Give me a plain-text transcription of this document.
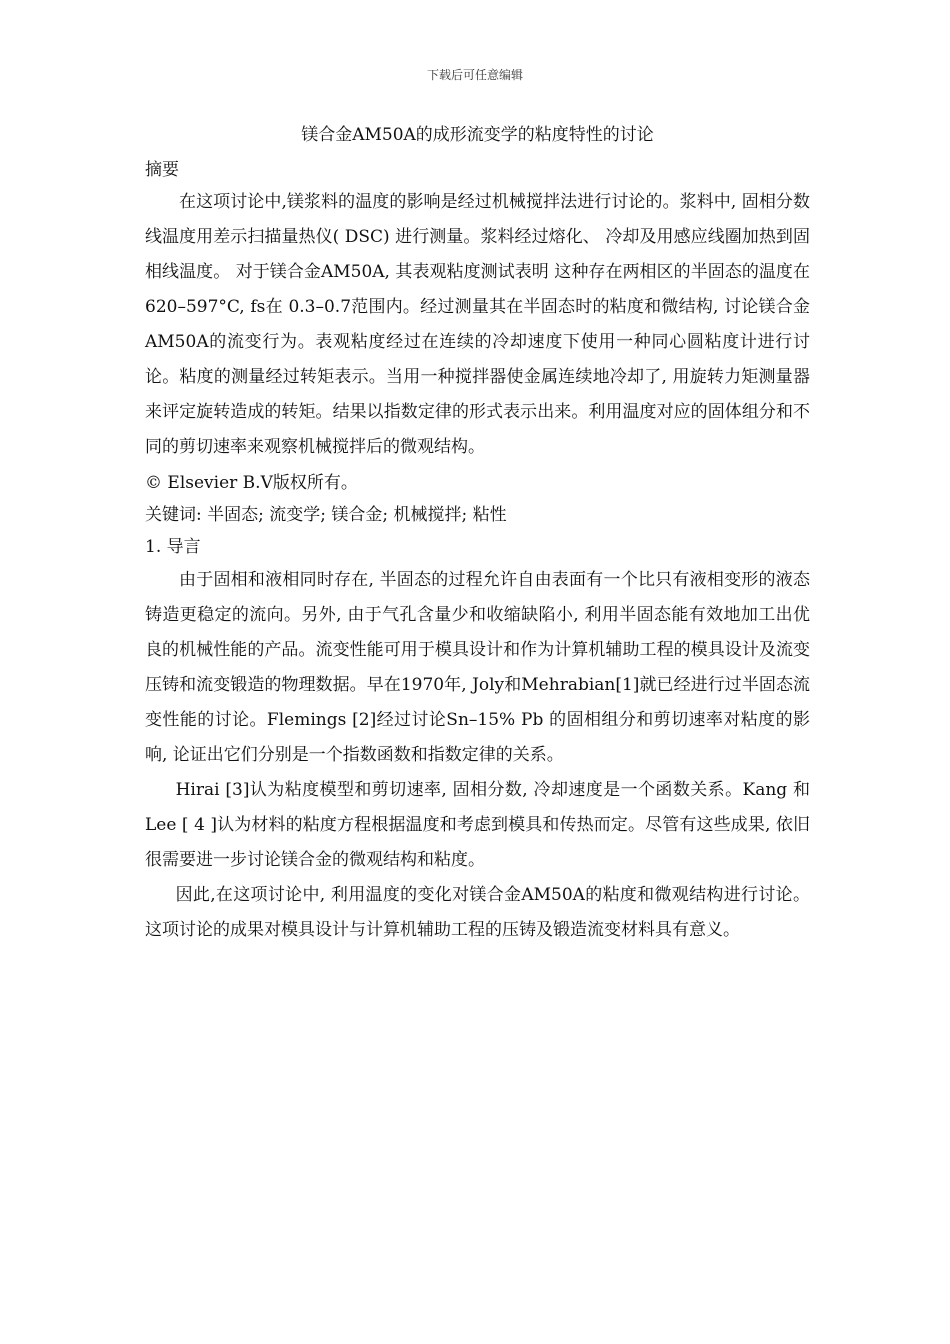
下载后可任意编辑

镁合金AM50A的成形流变学的粘度特性的讨论

摘要

在这项讨论中,镁浆料的温度的影响是经过机械搅拌法进行讨论的。浆料中, 固相分数线温度用差示扫描量热仪( DSC) 进行测量。浆料经过熔化、 冷却及用感应线圈加热到固相线温度。 对于镁合金AM50A, 其表观粘度测试表明 这种存在两相区的半固态的温度在620–597°C, fs在 0.3–0.7范围内。经过测量其在半固态时的粘度和微结构, 讨论镁合金AM50A的流变行为。表观粘度经过在连续的冷却速度下使用一种同心圆粘度计进行讨论。粘度的测量经过转矩表示。当用一种搅拌器使金属连续地冷却了, 用旋转力矩测量器来评定旋转造成的转矩。结果以指数定律的形式表示出来。利用温度对应的固体组分和不同的剪切速率来观察机械搅拌后的微观结构。

© Elsevier B.V版权所有。

关键词: 半固态; 流变学; 镁合金; 机械搅拌; 粘性

1. 导言

由于固相和液相同时存在, 半固态的过程允许自由表面有一个比只有液相变形的液态铸造更稳定的流向。另外, 由于气孔含量少和收缩缺陷小, 利用半固态能有效地加工出优良的机械性能的产品。流变性能可用于模具设计和作为计算机辅助工程的模具设计及流变压铸和流变锻造的物理数据。早在1970年, Joly和Mehrabian[1]就已经进行过半固态流变性能的讨论。Flemings [2]经过讨论Sn–15% Pb 的固相组分和剪切速率对粘度的影响, 论证出它们分别是一个指数函数和指数定律的关系。

Hirai [3]认为粘度模型和剪切速率, 固相分数, 冷却速度是一个函数关系。Kang 和 Lee [ 4 ]认为材料的粘度方程根据温度和考虑到模具和传热而定。尽管有这些成果, 依旧很需要进一步讨论镁合金的微观结构和粘度。

因此,在这项讨论中, 利用温度的变化对镁合金AM50A的粘度和微观结构进行讨论。这项讨论的成果对模具设计与计算机辅助工程的压铸及锻造流变材料具有意义。
